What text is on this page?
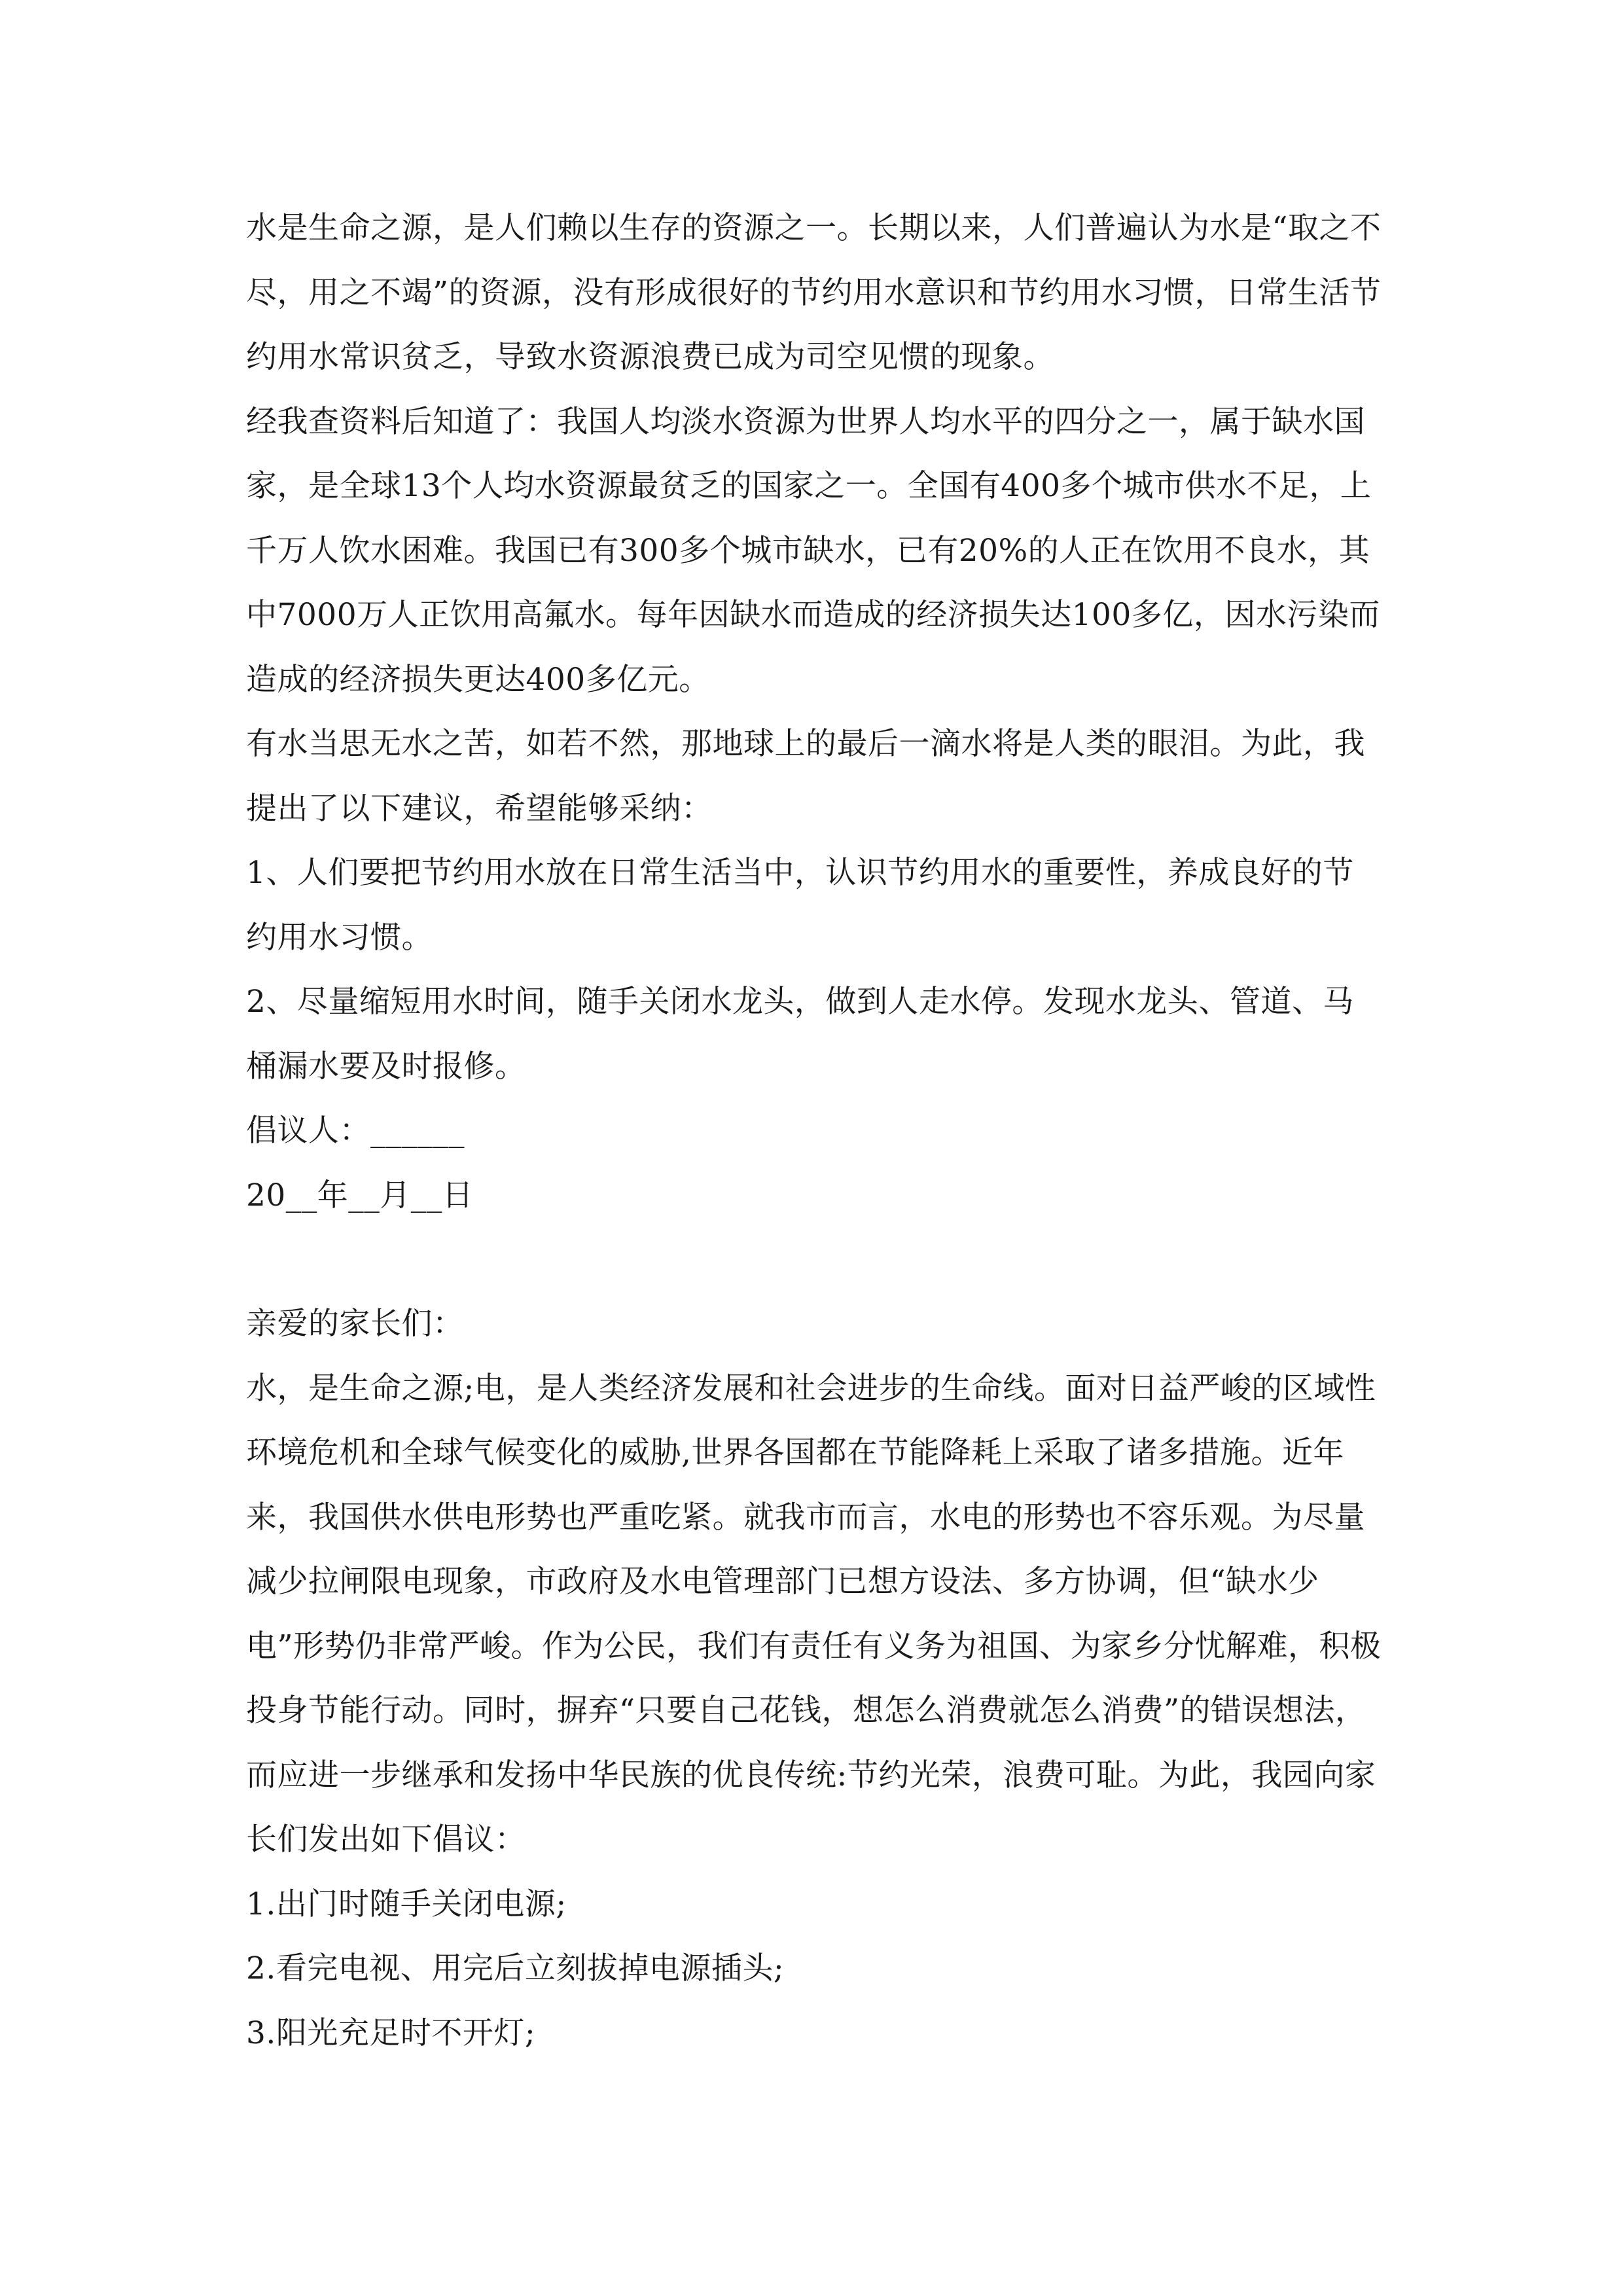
水是生命之源，是人们赖以生存的资源之一。长期以来，人们普遍认为水是“取之不尽，用之不竭”的资源，没有形成很好的节约用水意识和节约用水习惯，日常生活节约用水常识贫乏，导致水资源浪费已成为司空见惯的现象。

经我查资料后知道了：我国人均淡水资源为世界人均水平的四分之一，属于缺水国家，是全球13个人均水资源最贫乏的国家之一。全国有400多个城市供水不足，上千万人饮水困难。我国已有300多个城市缺水，已有20%的人正在饮用不良水，其中7000万人正饮用高氟水。每年因缺水而造成的经济损失达100多亿，因水污染而造成的经济损失更达400多亿元。

有水当思无水之苦，如若不然，那地球上的最后一滴水将是人类的眼泪。为此，我提出了以下建议，希望能够采纳：

1、人们要把节约用水放在日常生活当中，认识节约用水的重要性，养成良好的节约用水习惯。

2、尽量缩短用水时间，随手关闭水龙头，做到人走水停。发现水龙头、管道、马桶漏水要及时报修。

倡议人：______

20__年__月__日

亲爱的家长们：

水，是生命之源;电，是人类经济发展和社会进步的生命线。面对日益严峻的区域性环境危机和全球气候变化的威胁,世界各国都在节能降耗上采取了诸多措施。近年来，我国供水供电形势也严重吃紧。就我市而言，水电的形势也不容乐观。为尽量减少拉闸限电现象，市政府及水电管理部门已想方设法、多方协调，但“缺水少电”形势仍非常严峻。作为公民，我们有责任有义务为祖国、为家乡分忧解难，积极投身节能行动。同时，摒弃“只要自己花钱，想怎么消费就怎么消费”的错误想法，而应进一步继承和发扬中华民族的优良传统:节约光荣，浪费可耻。为此，我园向家长们发出如下倡议：

1.出门时随手关闭电源;

2.看完电视、用完后立刻拔掉电源插头;

3.阳光充足时不开灯;
